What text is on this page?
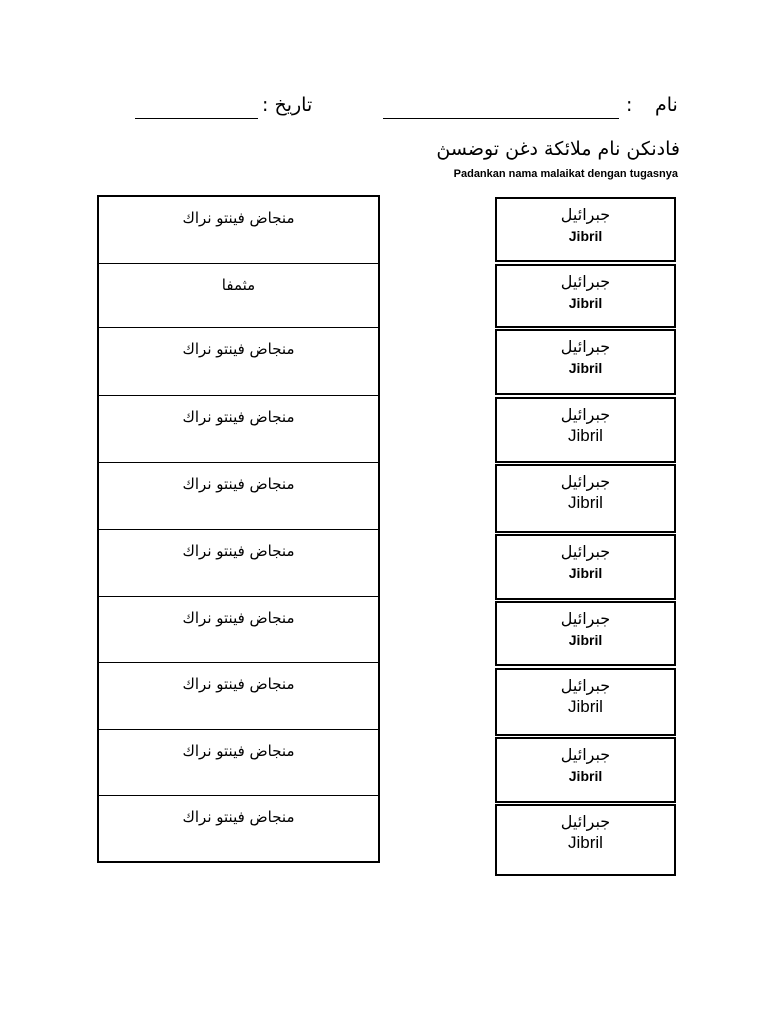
نام
:
تاريخ :
فادنكن نام ملائكة دغن توضسڽ
Padankan nama malaikat dengan tugasnya
منجاض فينتو نراك
مثمفا
منجاض فينتو نراك
منجاض فينتو نراك
منجاض فينتو نراك
منجاض فينتو نراك
منجاض فينتو نراك
منجاض فينتو نراك
منجاض فينتو نراك
منجاض فينتو نراك
جبرائيل
Jibril
جبرائيل
Jibril
جبرائيل
Jibril
جبرائيل
Jibril
جبرائيل
Jibril
جبرائيل
Jibril
جبرائيل
Jibril
جبرائيل
Jibril
جبرائيل
Jibril
جبرائيل
Jibril
